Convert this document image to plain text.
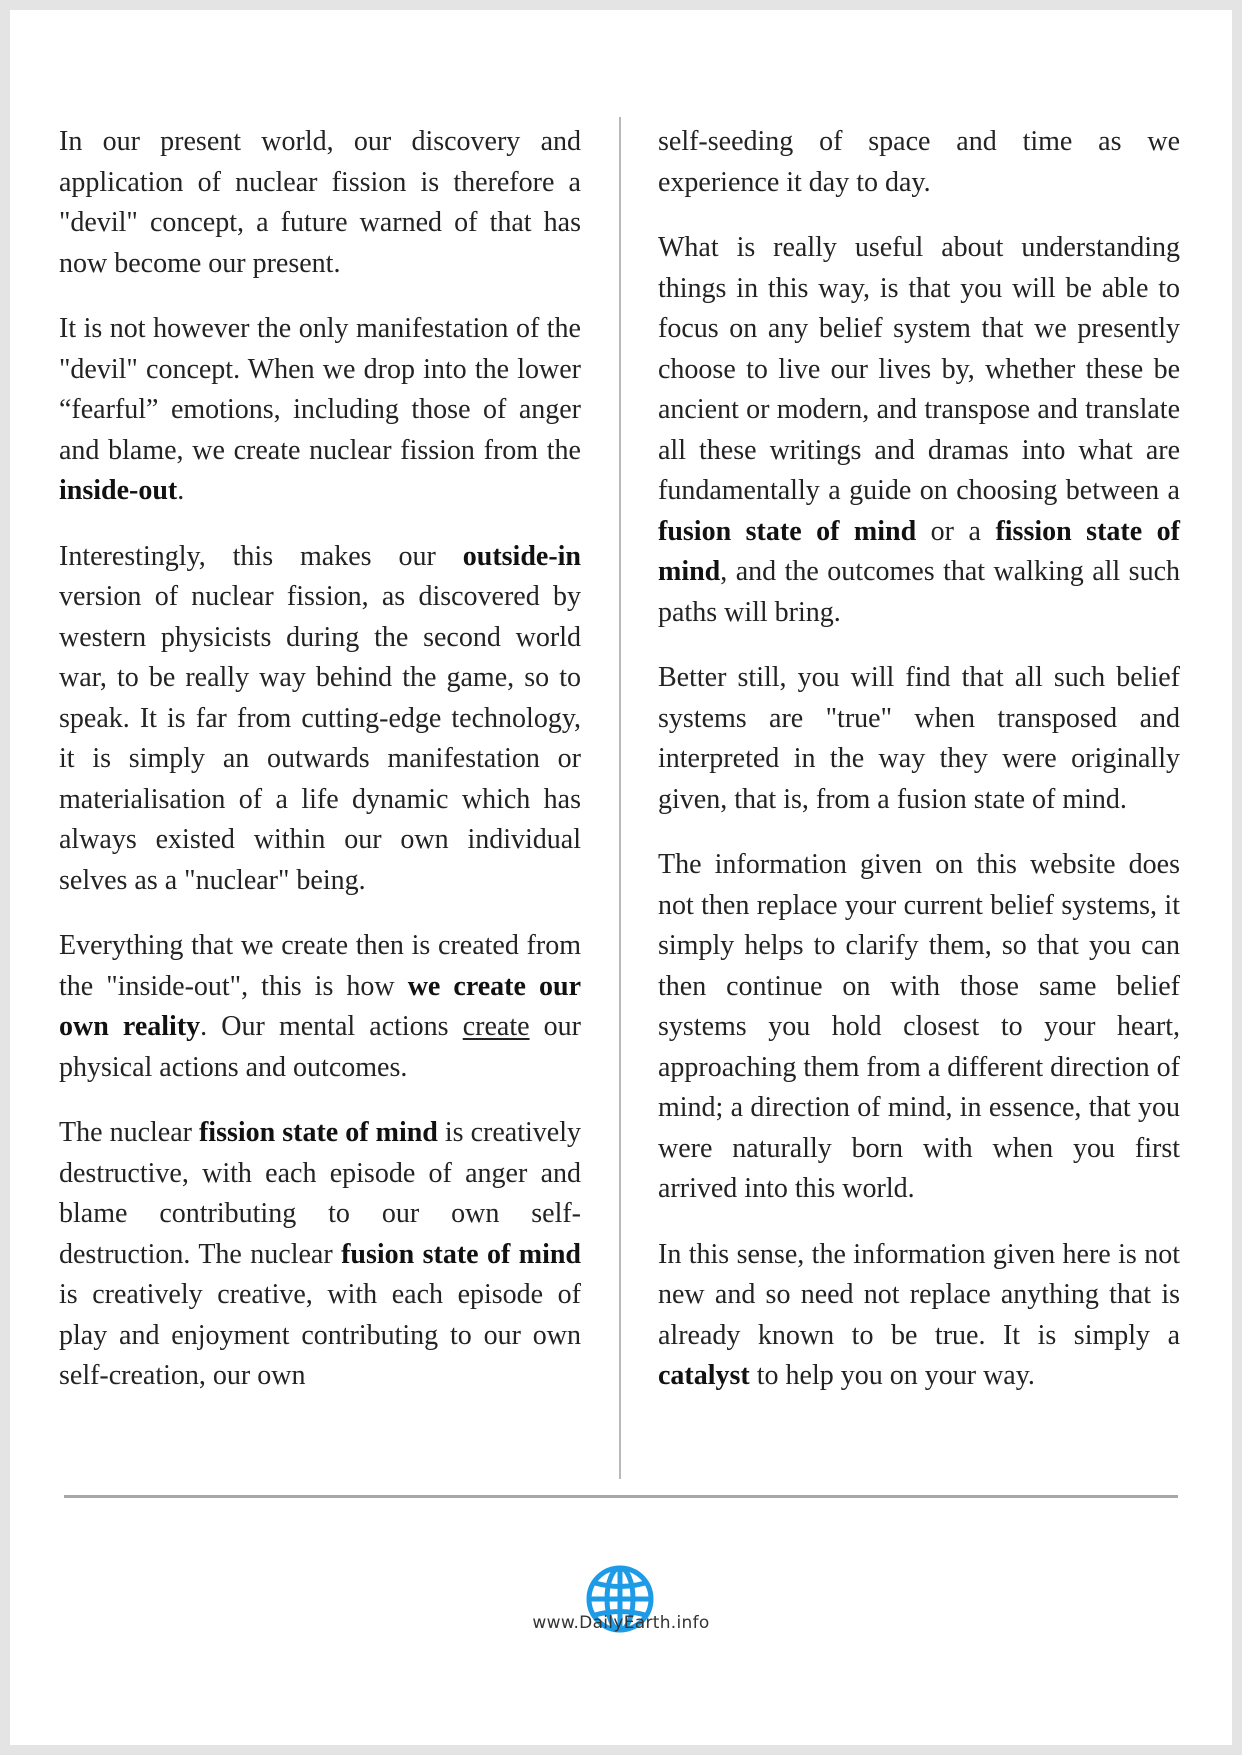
In our present world, our discovery and application of nuclear fission is therefore a "devil" concept, a future warned of that has now become our present.

It is not however the only manifestation of the "devil" concept. When we drop into the lower “fearful” emotions, including those of anger and blame, we create nuclear fission from the inside-out.

Interestingly, this makes our outside-in version of nuclear fission, as discovered by western physicists during the second world war, to be really way behind the game, so to speak. It is far from cutting-edge technology, it is simply an outwards manifestation or materialisation of a life dynamic which has always existed within our own individual selves as a "nuclear" being.

Everything that we create then is created from the "inside-out", this is how we create our own reality. Our mental actions create our physical actions and outcomes.

The nuclear fission state of mind is creatively destructive, with each episode of anger and blame contributing to our own self-destruction. The nuclear fusion state of mind is creatively creative, with each episode of play and enjoyment contributing to our own self-creation, our own

self-seeding of space and time as we experience it day to day.

What is really useful about understanding things in this way, is that you will be able to focus on any belief system that we presently choose to live our lives by, whether these be ancient or modern, and transpose and translate all these writings and dramas into what are fundamentally a guide on choosing between a fusion state of mind or a fission state of mind, and the outcomes that walking all such paths will bring.

Better still, you will find that all such belief systems are "true" when transposed and interpreted in the way they were originally given, that is, from a fusion state of mind.

The information given on this website does not then replace your current belief systems, it simply helps to clarify them, so that you can then continue on with those same belief systems you hold closest to your heart, approaching them from a different direction of mind; a direction of mind, in essence, that you were naturally born with when you first arrived into this world.

In this sense, the information given here is not new and so need not replace anything that is already known to be true. It is simply a catalyst to help you on your way.

www.DailyEarth.info
